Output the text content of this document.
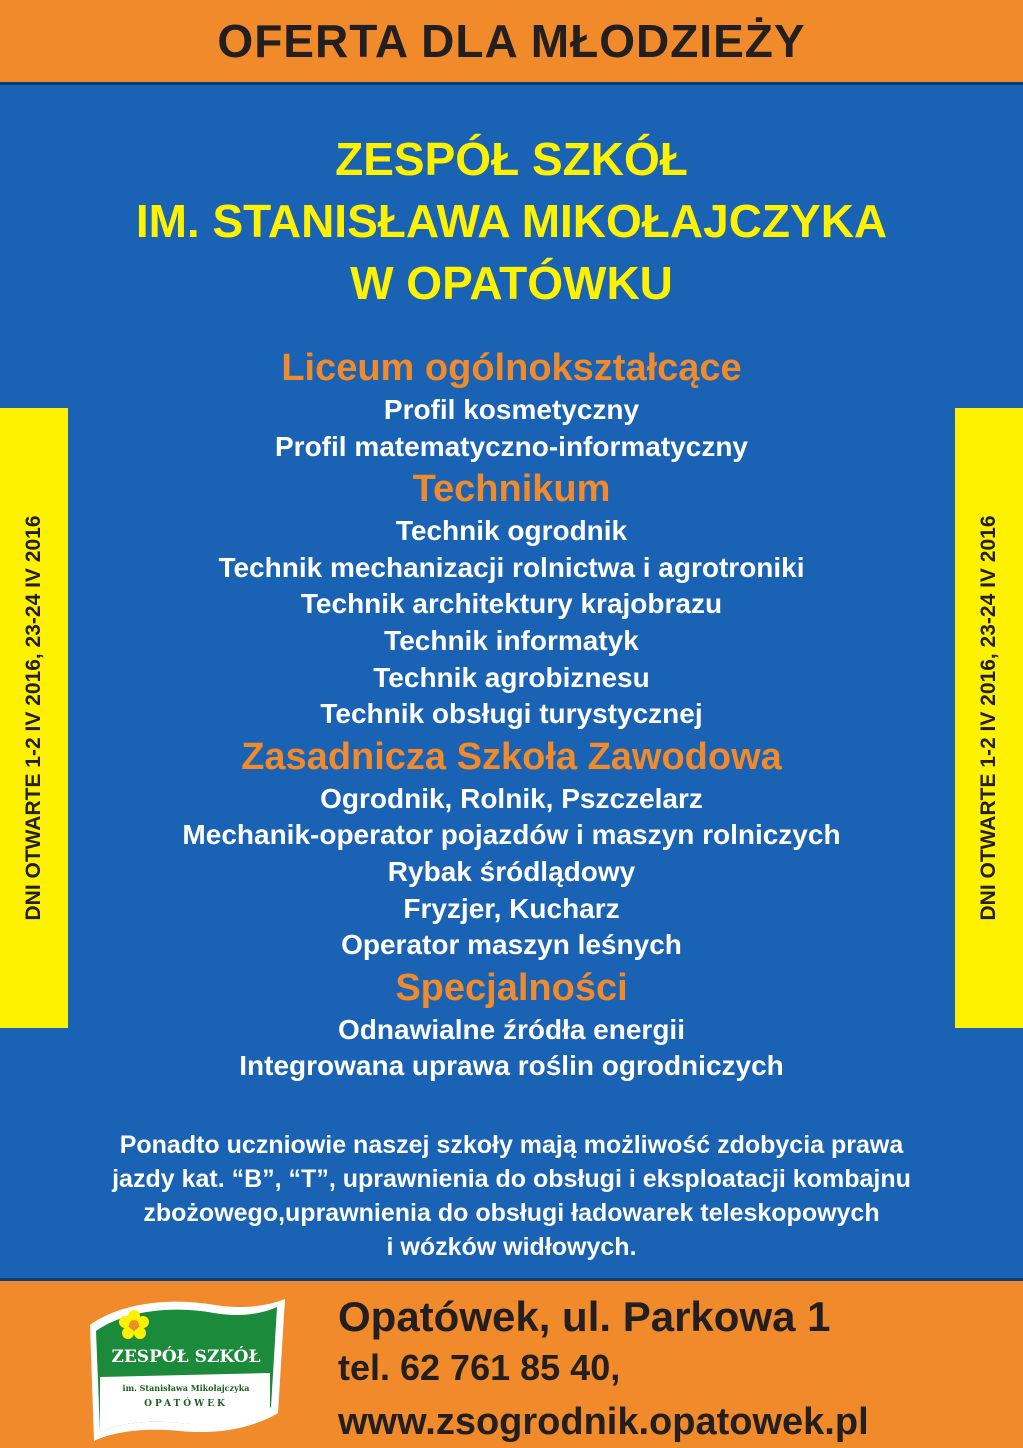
OFERTA DLA MŁODZIEŻY
ZESPÓŁ SZKÓŁ
IM. STANISŁAWA MIKOŁAJCZYKA
W OPATÓWKU
Liceum ogólnokształcące
Profil kosmetyczny
Profil matematyczno-informatyczny
Technikum
Technik ogrodnik
Technik mechanizacji rolnictwa i agrotroniki
Technik architektury krajobrazu
Technik informatyk
Technik agrobiznesu
Technik obsługi turystycznej
Zasadnicza Szkoła Zawodowa
Ogrodnik, Rolnik, Pszczelarz
Mechanik-operator pojazdów i maszyn rolniczych
Rybak śródlądowy
Fryzjer, Kucharz
Operator maszyn leśnych
Specjalności
Odnawialne źródła energii
Integrowana uprawa roślin ogrodniczych
DNI OTWARTE 1-2 IV 2016, 23-24 IV 2016	DNI OTWARTE 1-2 IV 2016, 23-24 IV 2016
Ponadto uczniowie naszej szkoły mają możliwość zdobycia prawa
jazdy kat. “B”, “T”, uprawnienia do obsługi i eksploatacji kombajnu
zbożowego,uprawnienia do obsługi ładowarek teleskopowych
i wózków widłowych.
ZESPÓŁ SZKÓŁ
im. Stanisława Mikołajczyka
OPATÓWEK
Opatówek, ul. Parkowa 1
tel. 62 761 85 40,
www.zsogrodnik.opatowek.pl
